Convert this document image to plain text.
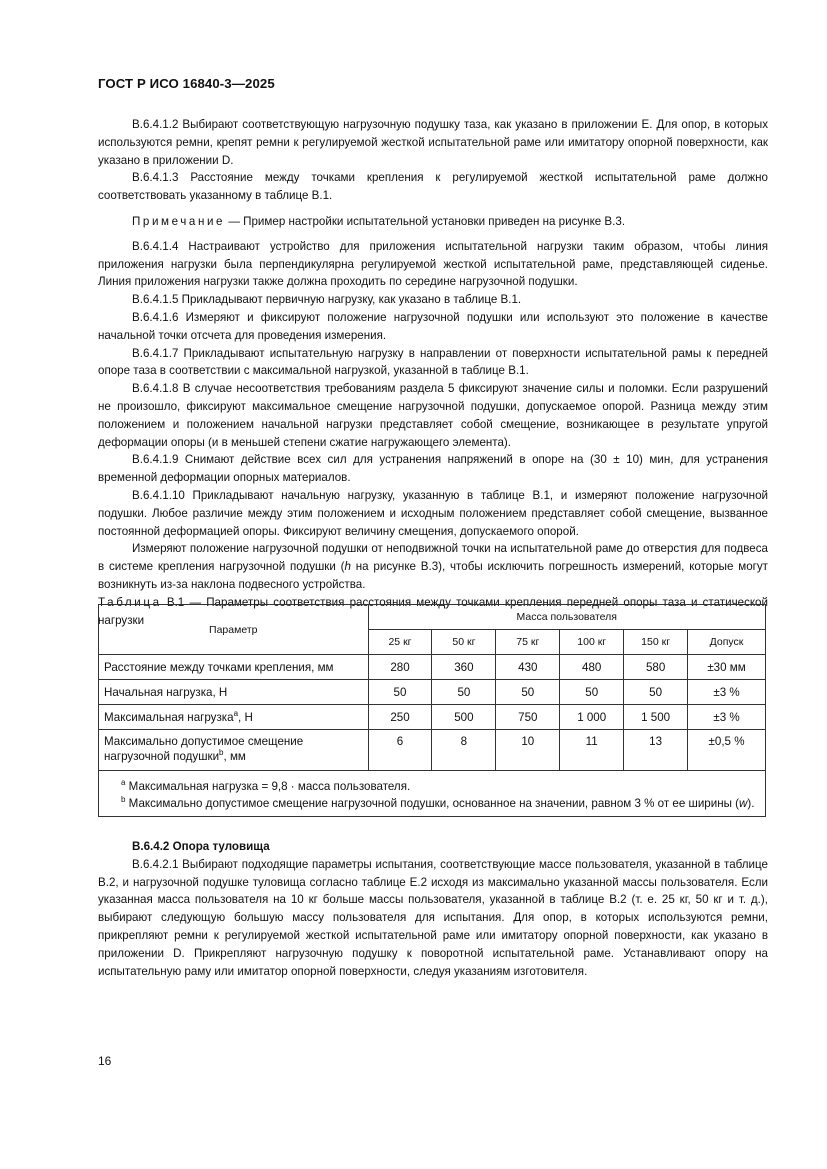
ГОСТ Р ИСО 16840-3—2025

В.6.4.1.2 Выбирают соответствующую нагрузочную подушку таза, как указано в приложении Е. Для опор, в которых используются ремни, крепят ремни к регулируемой жесткой испытательной раме или имитатору опорной поверхности, как указано в приложении D.

В.6.4.1.3 Расстояние между точками крепления к регулируемой жесткой испытательной раме должно соответствовать указанному в таблице В.1.

Примечание — Пример настройки испытательной установки приведен на рисунке В.3.

В.6.4.1.4 Настраивают устройство для приложения испытательной нагрузки таким образом, чтобы линия приложения нагрузки была перпендикулярна регулируемой жесткой испытательной раме, представляющей сиденье. Линия приложения нагрузки также должна проходить по середине нагрузочной подушки.

В.6.4.1.5 Прикладывают первичную нагрузку, как указано в таблице В.1.

В.6.4.1.6 Измеряют и фиксируют положение нагрузочной подушки или используют это положение в качестве начальной точки отсчета для проведения измерения.

В.6.4.1.7 Прикладывают испытательную нагрузку в направлении от поверхности испытательной рамы к передней опоре таза в соответствии с максимальной нагрузкой, указанной в таблице В.1.

В.6.4.1.8 В случае несоответствия требованиям раздела 5 фиксируют значение силы и поломки. Если разрушений не произошло, фиксируют максимальное смещение нагрузочной подушки, допускаемое опорой. Разница между этим положением и положением начальной нагрузки представляет собой смещение, возникающее в результате упругой деформации опоры (и в меньшей степени сжатие нагружающего элемента).

В.6.4.1.9 Снимают действие всех сил для устранения напряжений в опоре на (30 ± 10) мин, для устранения временной деформации опорных материалов.

В.6.4.1.10 Прикладывают начальную нагрузку, указанную в таблице В.1, и измеряют положение нагрузочной подушки. Любое различие между этим положением и исходным положением представляет собой смещение, вызванное постоянной деформацией опоры. Фиксируют величину смещения, допускаемого опорой.

Измеряют положение нагрузочной подушки от неподвижной точки на испытательной раме до отверстия для подвеса в системе крепления нагрузочной подушки (h на рисунке В.3), чтобы исключить погрешность измерений, которые могут возникнуть из-за наклона подвесного устройства.

Таблица В.1 — Параметры соответствия расстояния между точками крепления передней опоры таза и статической нагрузки

Параметр	Масса пользователя					
	25 кг	50 кг	75 кг	100 кг	150 кг	Допуск
Расстояние между точками крепления, мм	280	360	430	480	580	±30 мм
Начальная нагрузка, Н	50	50	50	50	50	±3 %
Максимальная нагрузка$^a$, Н	250	500	750	1 000	1 500	±3 %
Максимально допустимое смещение нагрузочной подушки$^b$, мм	6	8	10	11	13	±0,5 %

$^a$ Максимальная нагрузка = 9,8 · масса пользователя.
$^b$ Максимально допустимое смещение нагрузочной подушки, основанное на значении, равном 3 % от ее ширины (w).						
В.6.4.2 Опора туловища

В.6.4.2.1 Выбирают подходящие параметры испытания, соответствующие массе пользователя, указанной в таблице В.2, и нагрузочной подушке туловища согласно таблице Е.2 исходя из максимально указанной массы пользователя. Если указанная масса пользователя на 10 кг больше массы пользователя, указанной в таблице В.2 (т. е. 25 кг, 50 кг и т. д.), выбирают следующую большую массу пользователя для испытания. Для опор, в которых используются ремни, прикрепляют ремни к регулируемой жесткой испытательной раме или имитатору опорной поверхности, как указано в приложении D. Прикрепляют нагрузочную подушку к поворотной испытательной раме. Устанавливают опору на испытательную раму или имитатор опорной поверхности, следуя указаниям изготовителя.

16
